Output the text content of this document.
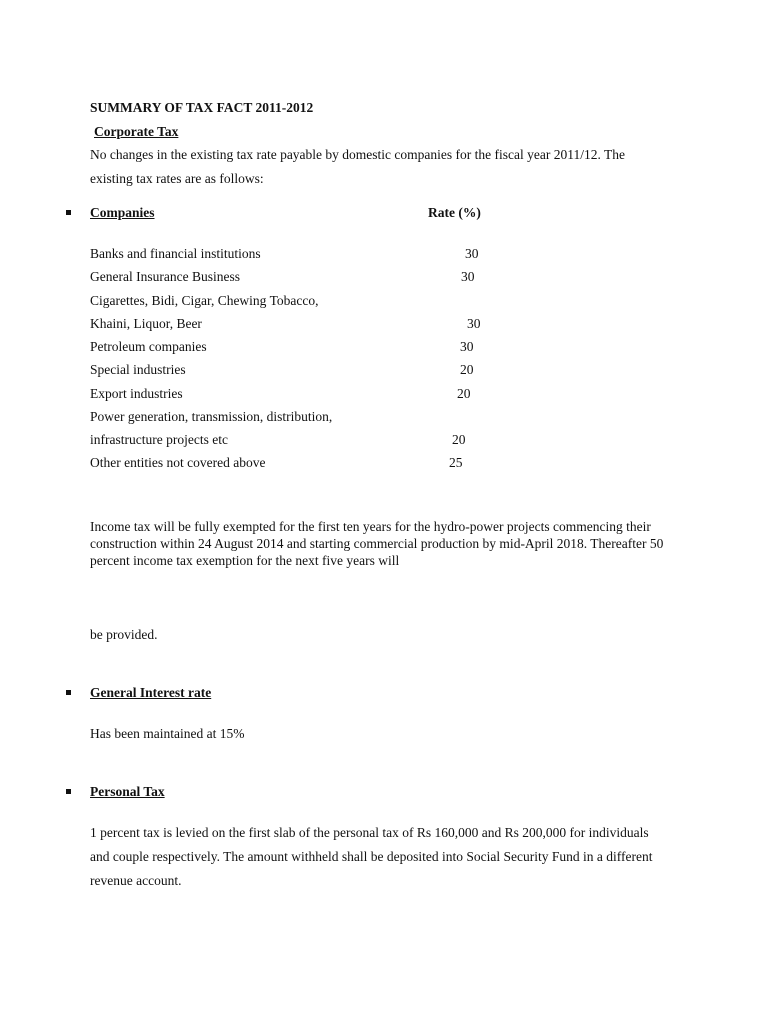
SUMMARY OF TAX FACT 2011-2012
Corporate Tax
No changes in the existing tax rate payable by domestic companies for the fiscal year 2011/12. The
existing tax rates are as follows:
Companies	Rate (%)
Banks and financial institutions	30
General Insurance Business	30
Cigarettes, Bidi, Cigar, Chewing Tobacco,
Khaini, Liquor, Beer	30
Petroleum companies	30
Special industries	20
Export industries	20
Power generation, transmission, distribution,
infrastructure projects etc	20
Other entities not covered above	25
Income tax will be fully exempted for the first ten years for the hydro-power projects commencing their construction within 24 August 2014 and starting commercial production by mid-April 2018. Thereafter 50 percent income tax exemption for the next five years will
be provided.
General Interest rate
Has been maintained at 15%
Personal Tax
1 percent tax is levied on the first slab of the personal tax of Rs 160,000 and Rs 200,000 for individuals
and couple respectively. The amount withheld shall be deposited into Social Security Fund in a different
revenue account.
